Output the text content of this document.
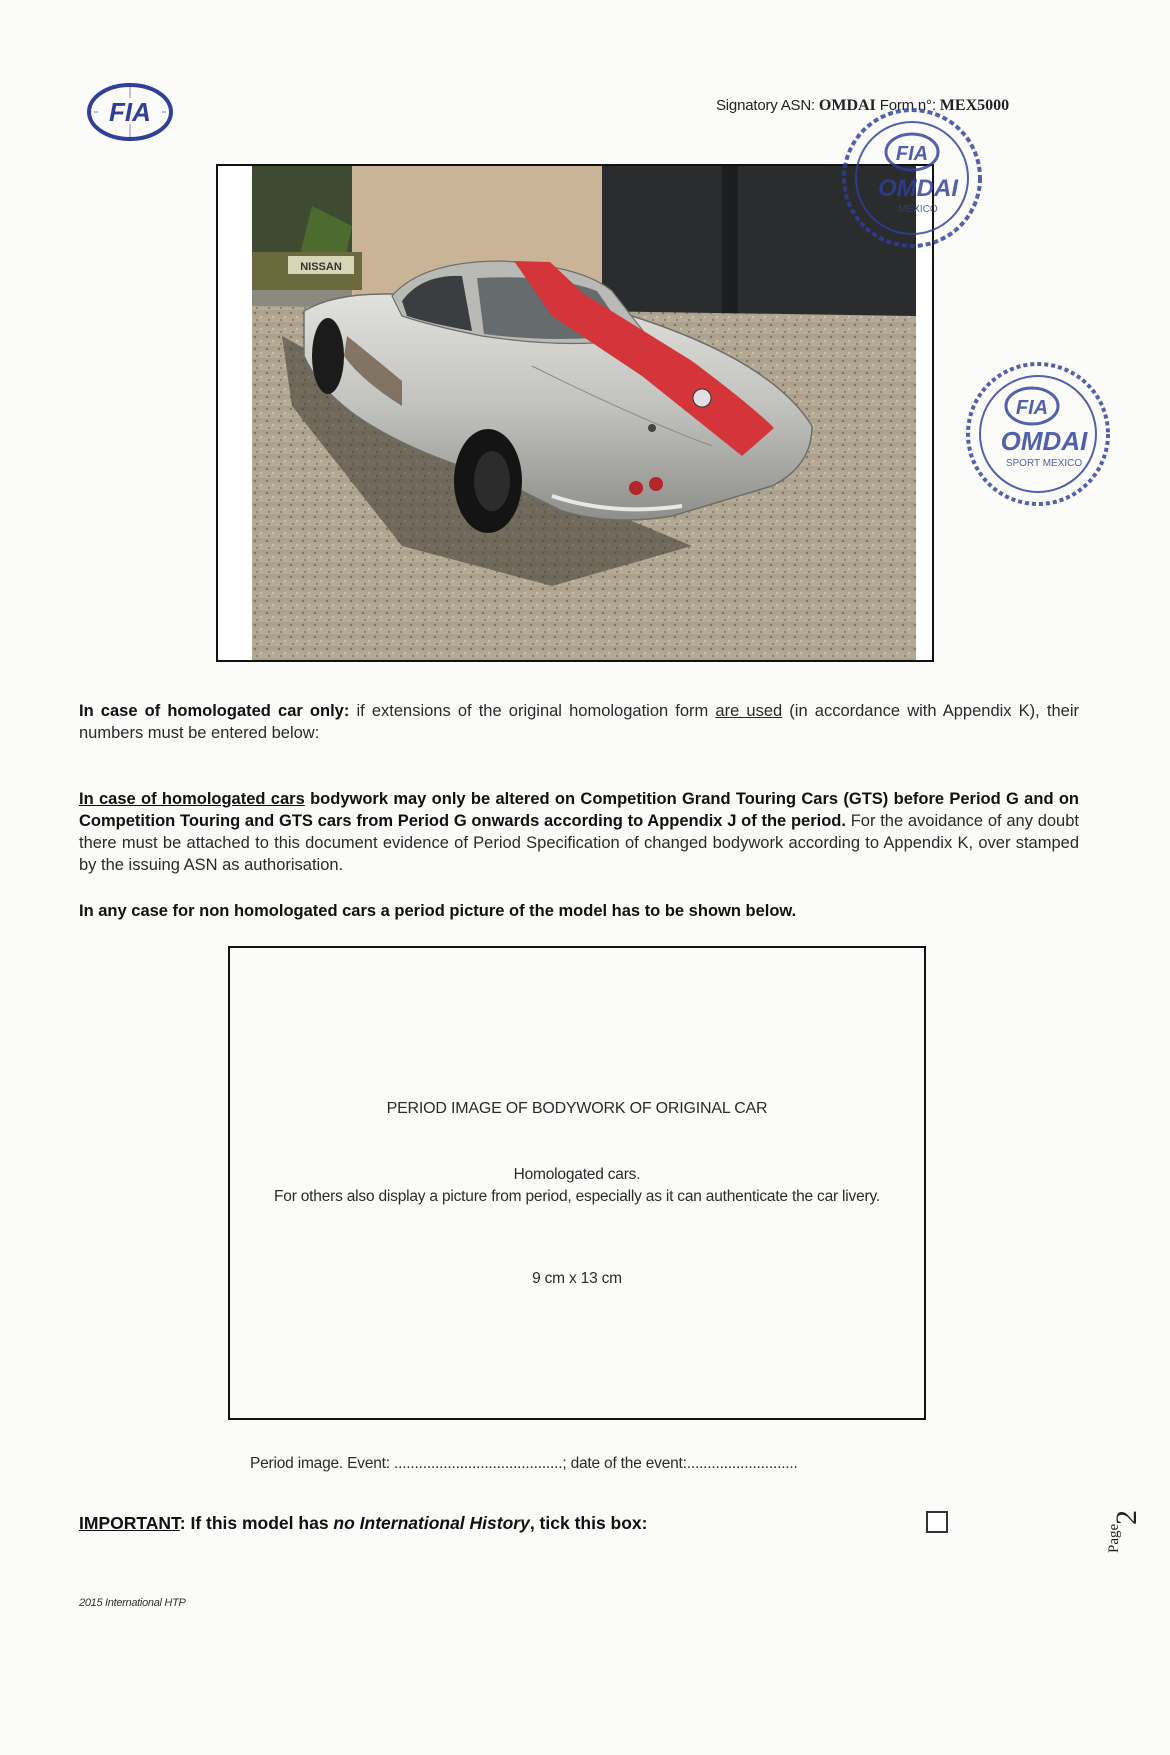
FIA	Signatory ASN: OMDAI Form n°: MEX5000
NISSAN
FIA
OMDAI
MEXICO
FIA
OMDAI
SPORT MEXICO
In case of homologated car only: if extensions of the original homologation form are used (in accordance with Appendix K), their numbers must be entered below:
In case of homologated cars bodywork may only be altered on Competition Grand Touring Cars (GTS) before Period G and on Competition Touring and GTS cars from Period G onwards according to Appendix J of the period. For the avoidance of any doubt there must be attached to this document evidence of Period Specification of changed bodywork according to Appendix K, over stamped by the issuing ASN as authorisation.
In any case for non homologated cars a period picture of the model has to be shown below.
PERIOD IMAGE OF BODYWORK OF ORIGINAL CAR
Homologated cars.
For others also display a picture from period, especially as it can authenticate the car livery.
9 cm x 13 cm
Period image. Event: .........................................; date of the event:...........................
IMPORTANT: If this model has no International History, tick this box:
Page
2
2015 International HTP
